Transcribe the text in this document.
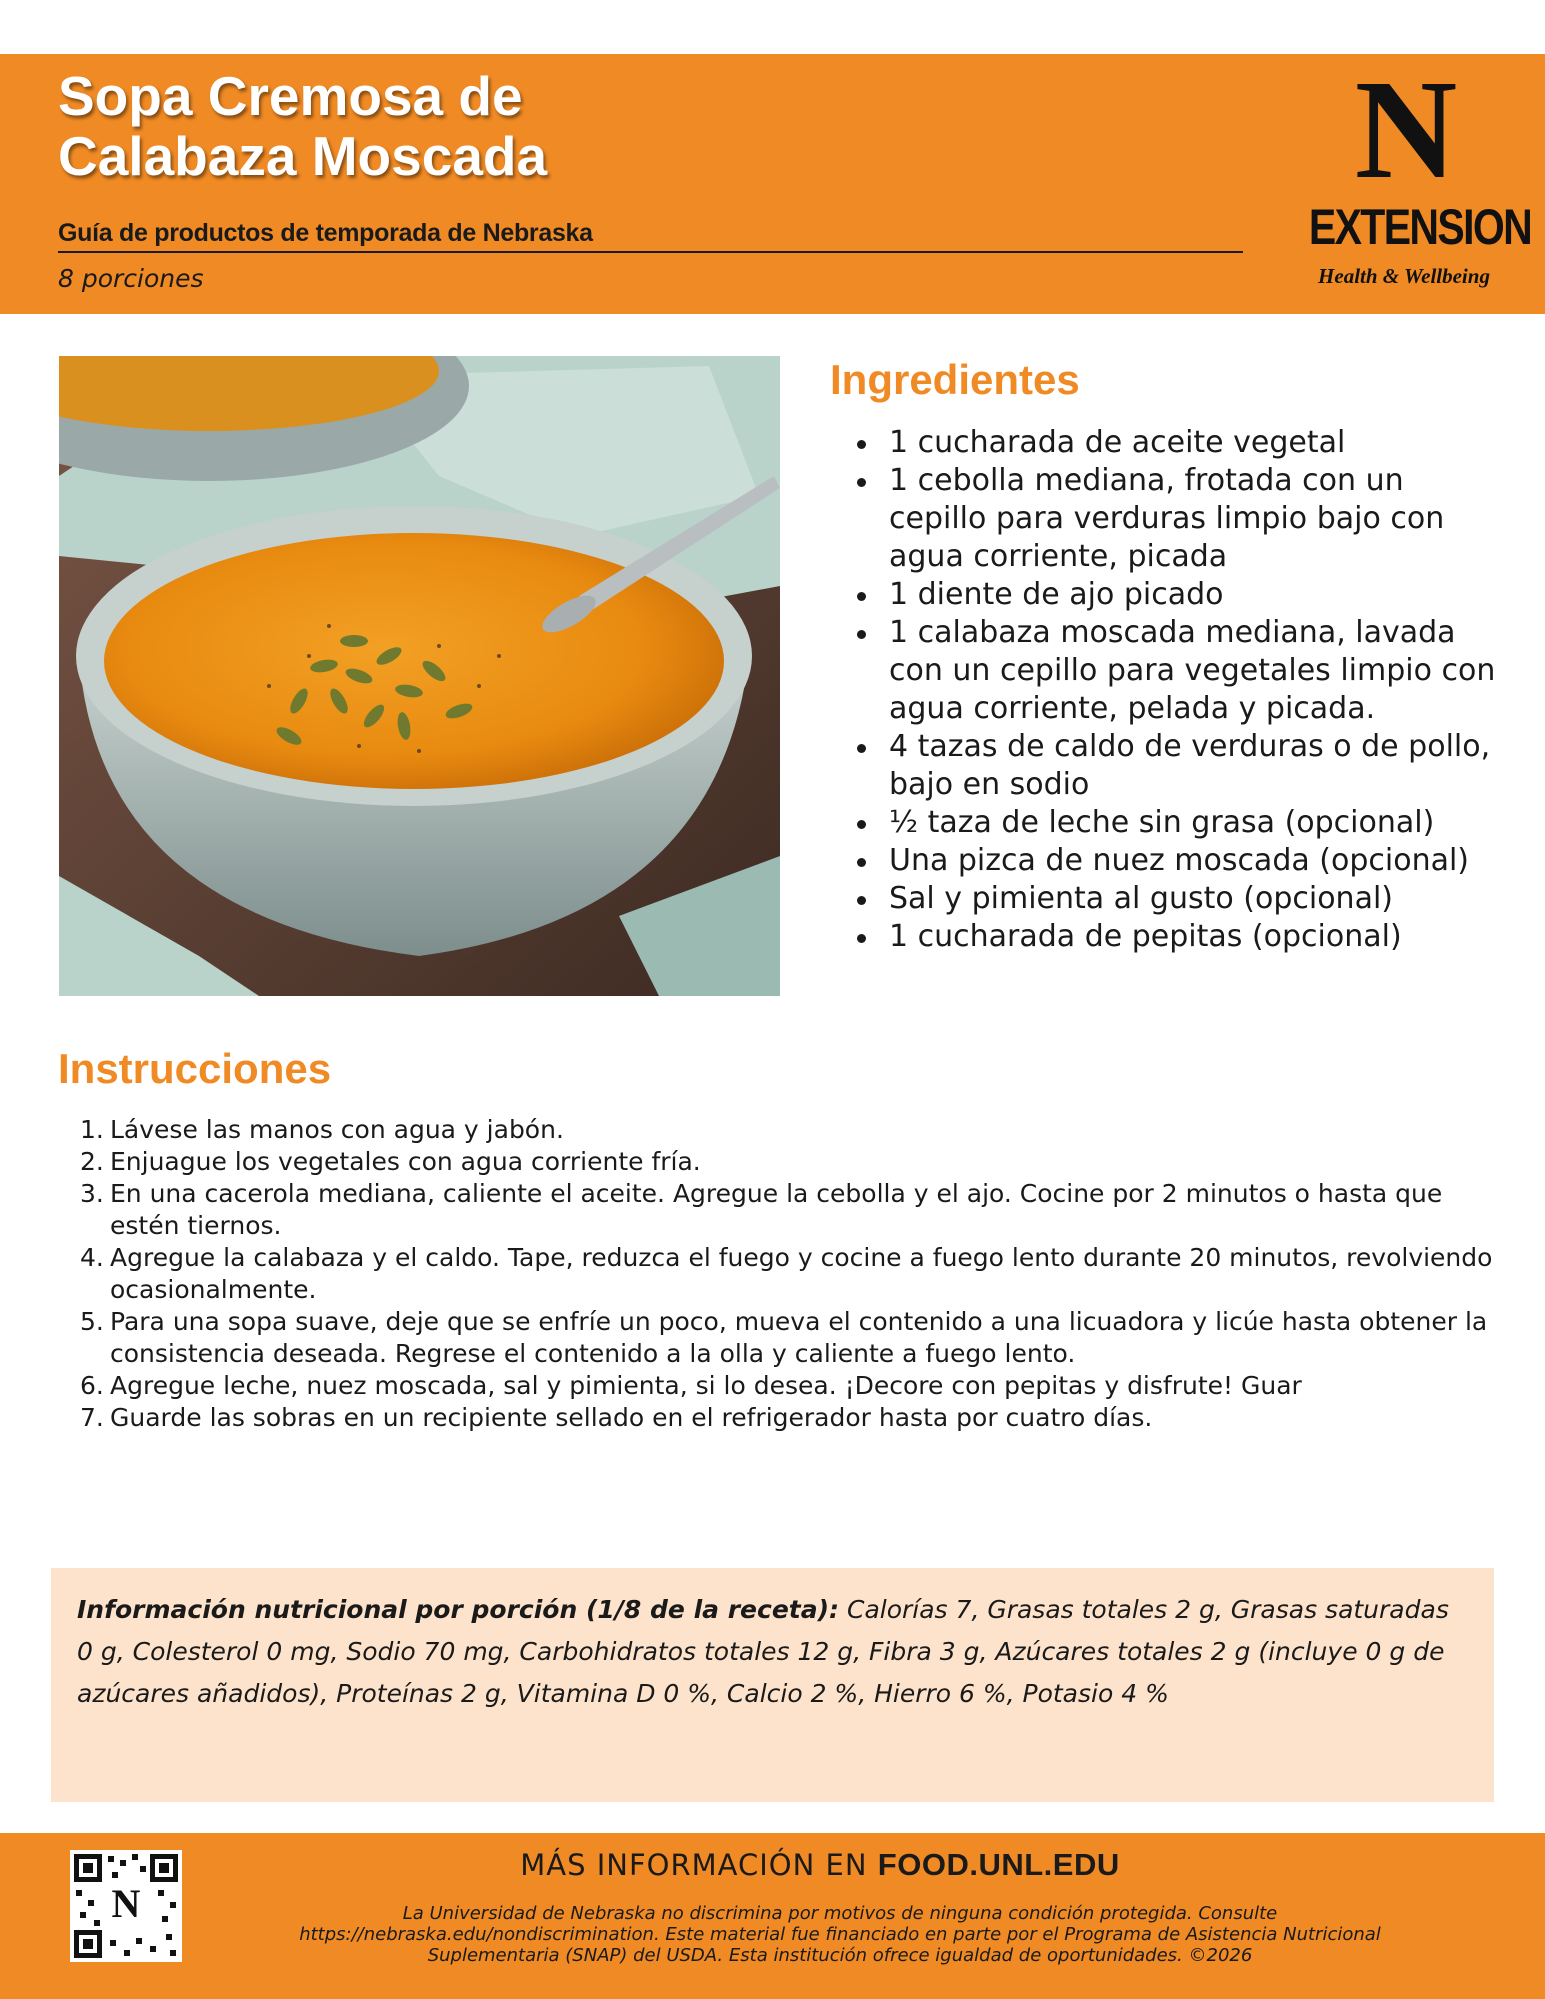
Sopa Cremosa de
Calabaza Moscada
Guía de productos de temporada de Nebraska
8 porciones
N
EXTENSION
Health & Wellbeing
Ingredientes
1 cucharada de aceite vegetal
1 cebolla mediana, frotada con un cepillo para verduras limpio bajo con agua corriente, picada
1 diente de ajo picado
1 calabaza moscada mediana, lavada con un cepillo para vegetales limpio con agua corriente, pelada y picada.
4 tazas de caldo de verduras o de pollo, bajo en sodio
½ taza de leche sin grasa (opcional)
Una pizca de nuez moscada (opcional)
Sal y pimienta al gusto (opcional)
1 cucharada de pepitas (opcional)
Instrucciones
1. Lávese las manos con agua y jabón.
2. Enjuague los vegetales con agua corriente fría.
3. En una cacerola mediana, caliente el aceite. Agregue la cebolla y el ajo. Cocine por 2 minutos o hasta que estén tiernos.
4. Agregue la calabaza y el caldo. Tape, reduzca el fuego y cocine a fuego lento durante 20 minutos, revolviendo ocasionalmente.
5. Para una sopa suave, deje que se enfríe un poco, mueva el contenido a una licuadora y licúe hasta obtener la consistencia deseada. Regrese el contenido a la olla y caliente a fuego lento.
6. Agregue leche, nuez moscada, sal y pimienta, si lo desea. ¡Decore con pepitas y disfrute! Guar
7. Guarde las sobras en un recipiente sellado en el refrigerador hasta por cuatro días.
Información nutricional por porción (1/8 de la receta): Calorías 7, Grasas totales 2 g, Grasas saturadas 0 g, Colesterol 0 mg, Sodio 70 mg, Carbohidratos totales 12 g, Fibra 3 g, Azúcares totales 2 g (incluye 0 g de azúcares añadidos), Proteínas 2 g, Vitamina D 0 %, Calcio 2 %, Hierro 6 %, Potasio 4 %
N
MÁS INFORMACIÓN EN FOOD.UNL.EDU
La Universidad de Nebraska no discrimina por motivos de ninguna condición protegida. Consulte https://nebraska.edu/nondiscrimination. Este material fue financiado en parte por el Programa de Asistencia Nutricional Suplementaria (SNAP) del USDA. Esta institución ofrece igualdad de oportunidades. ©2026
